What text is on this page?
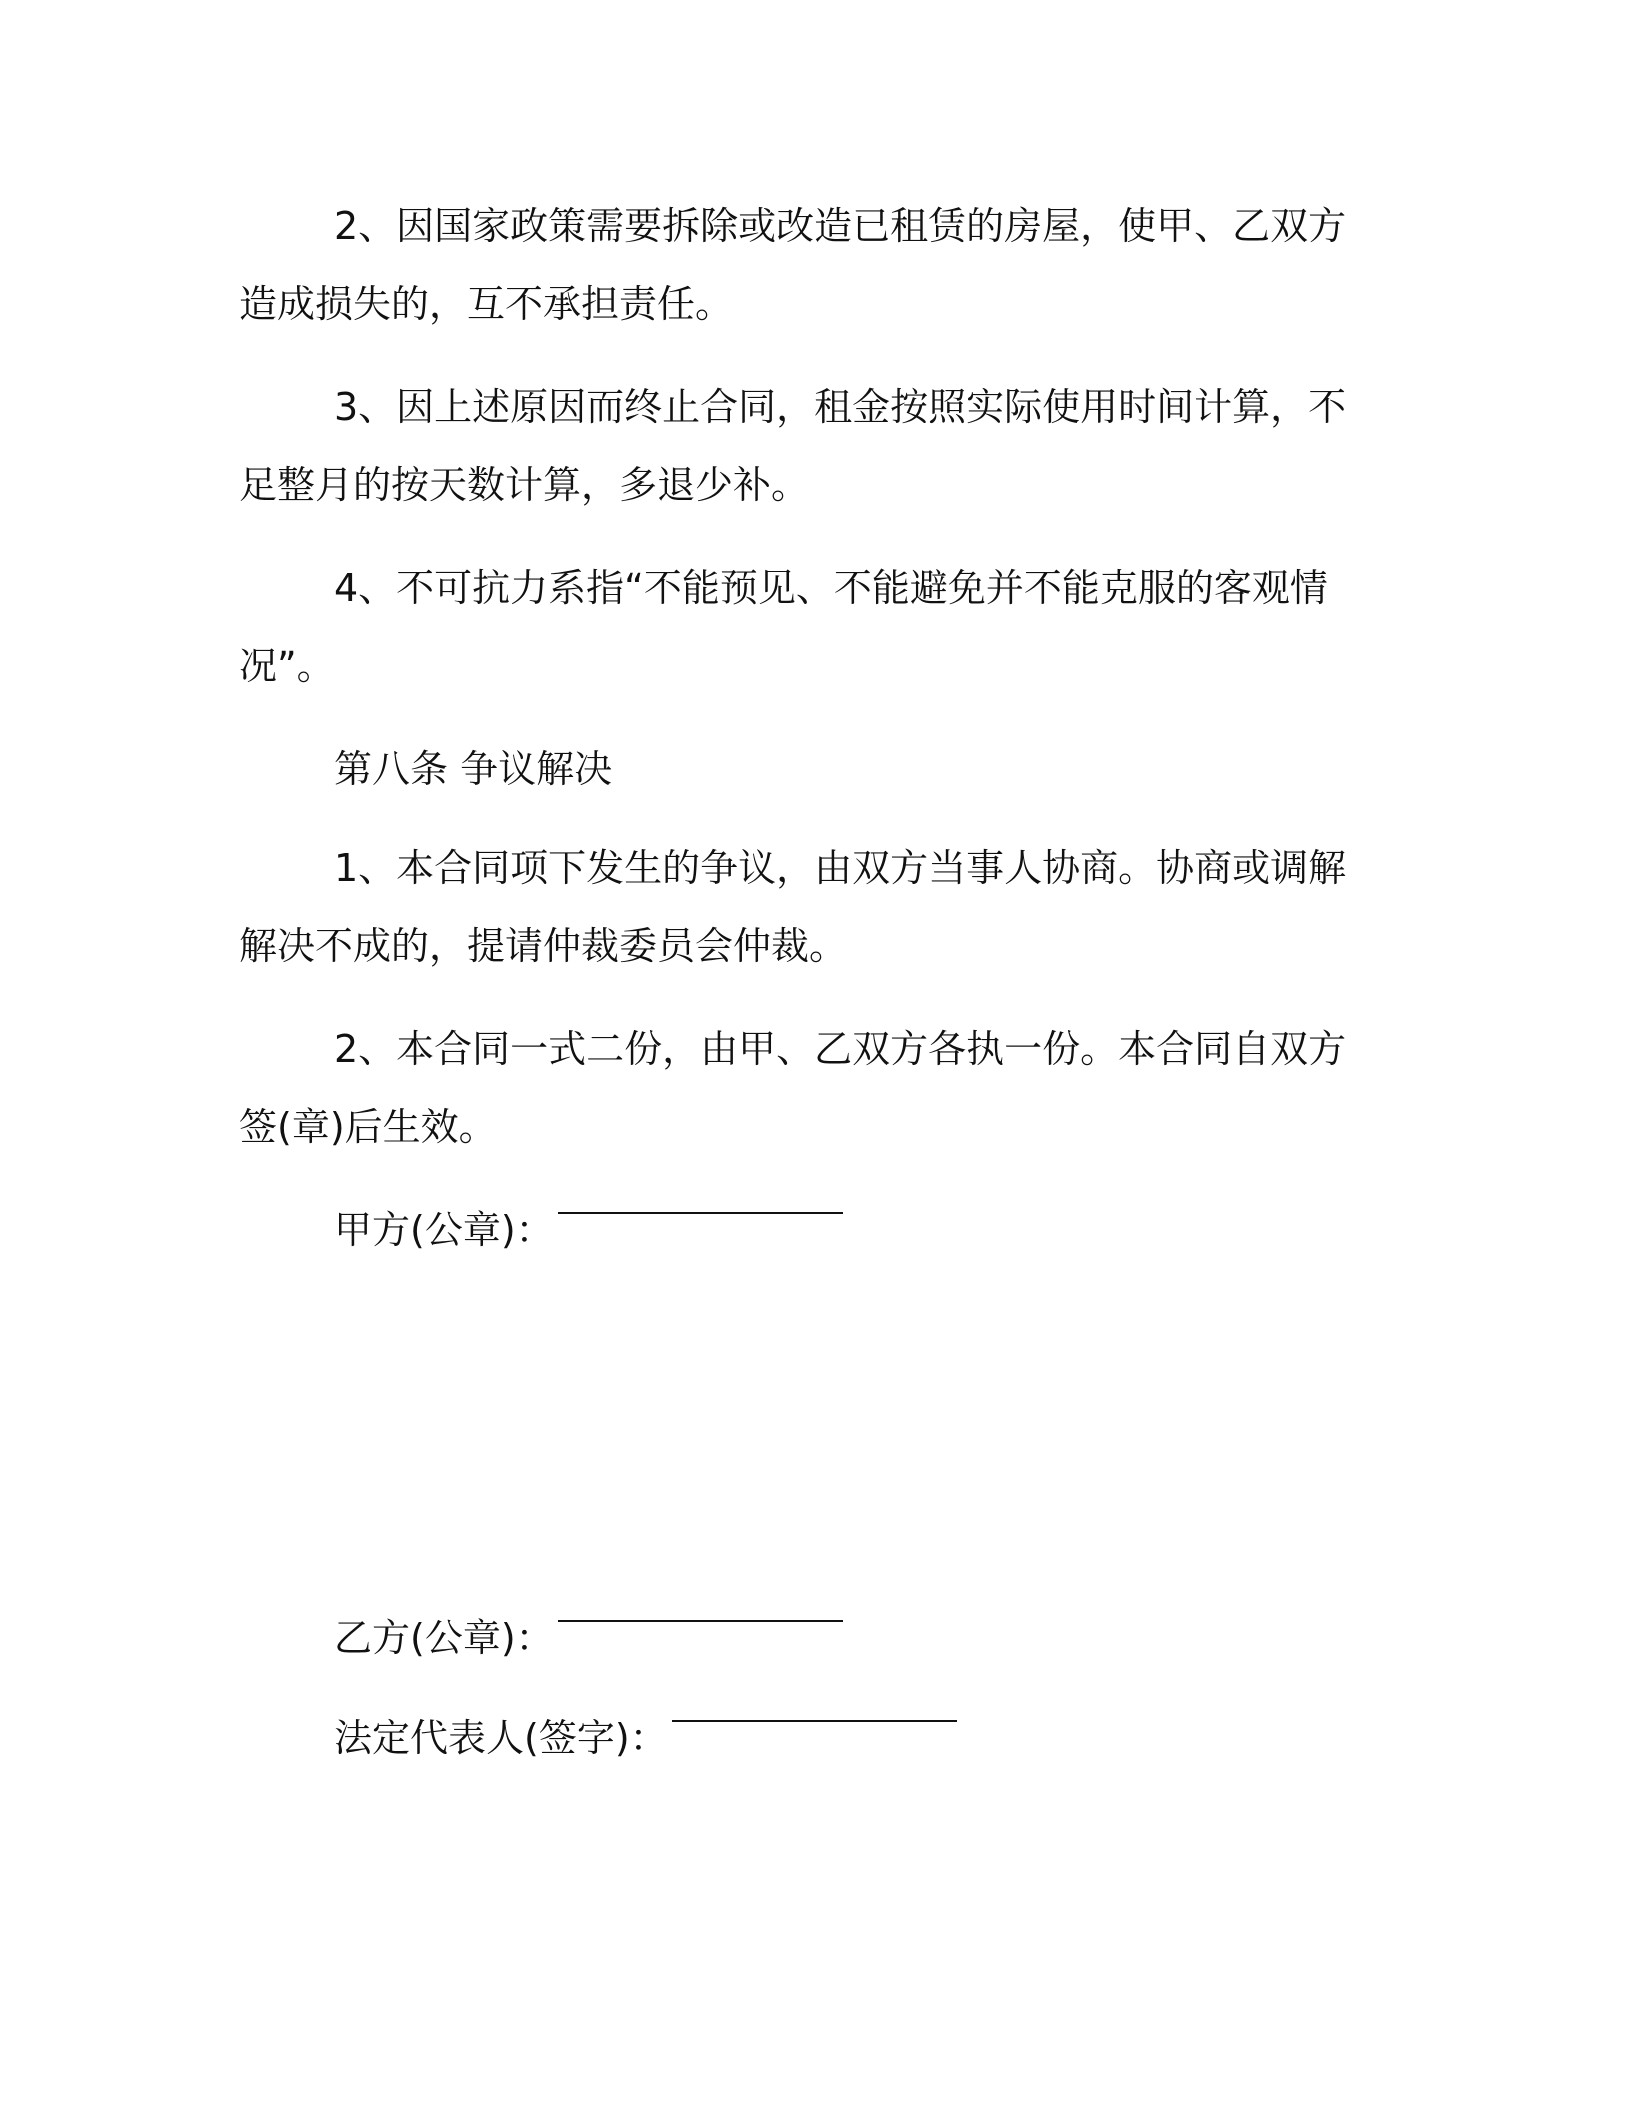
2、因国家政策需要拆除或改造已租赁的房屋，使甲、乙双方造成损失的，互不承担责任。

3、因上述原因而终止合同，租金按照实际使用时间计算，不足整月的按天数计算，多退少补。

4、不可抗力系指“不能预见、不能避免并不能克服的客观情况”。

第八条 争议解决

1、本合同项下发生的争议，由双方当事人协商。协商或调解解决不成的，提请仲裁委员会仲裁。

2、本合同一式二份，由甲、乙双方各执一份。本合同自双方签(章)后生效。

甲方(公章)：
乙方(公章)：
法定代表人(签字)：
